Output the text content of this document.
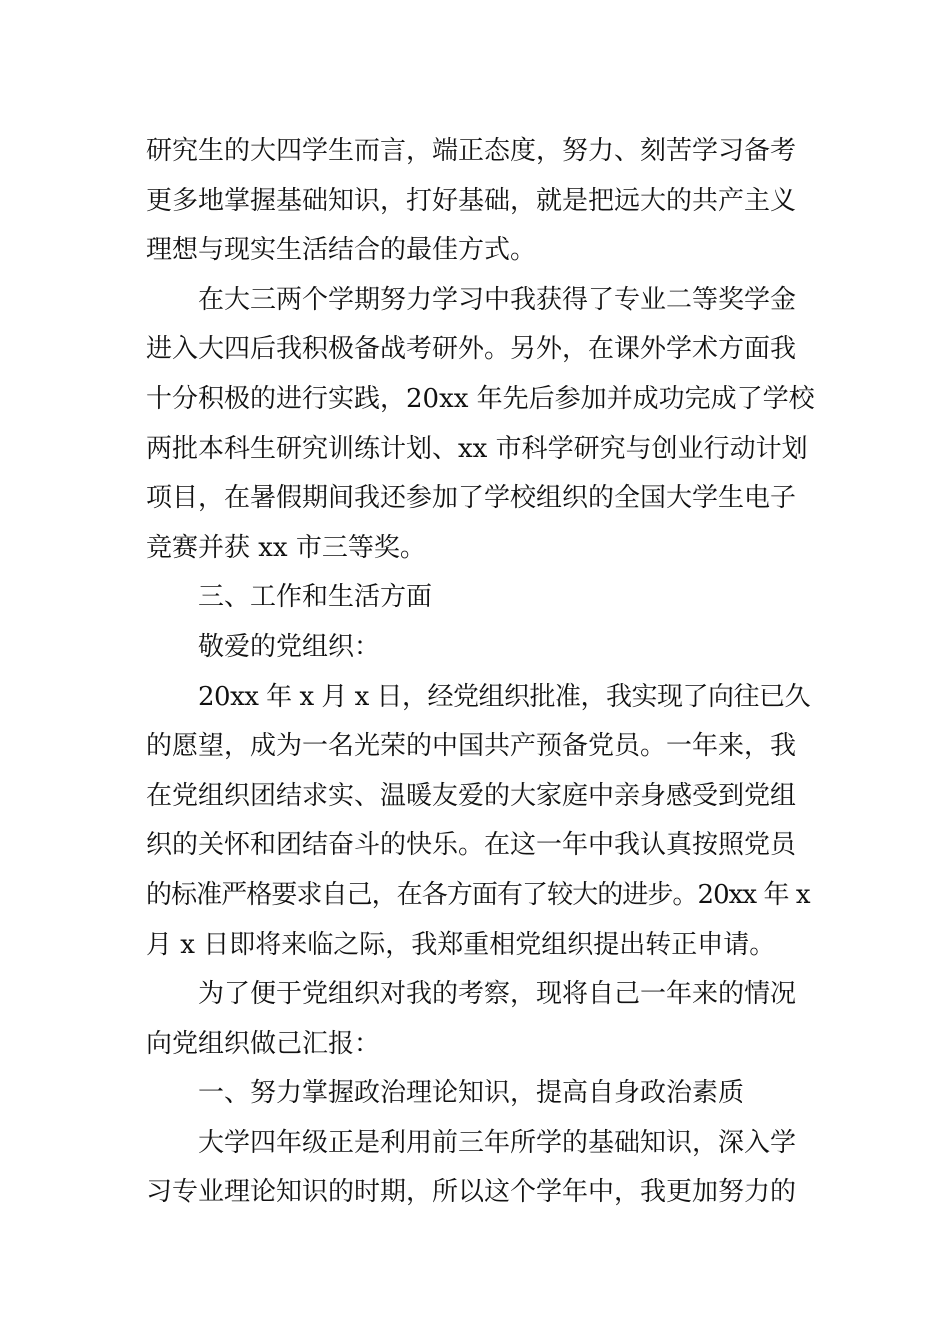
研究生的大四学生而言，端正态度，努力、刻苦学习备考
更多地掌握基础知识，打好基础，就是把远大的共产主义
理想与现实生活结合的最佳方式。
在大三两个学期努力学习中我获得了专业二等奖学金
进入大四后我积极备战考研外。另外，在课外学术方面我
十分积极的进行实践，20xx 年先后参加并成功完成了学校
两批本科生研究训练计划、xx 市科学研究与创业行动计划
项目，在暑假期间我还参加了学校组织的全国大学生电子
竞赛并获 xx 市三等奖。
三、工作和生活方面
敬爱的党组织：
20xx 年 x 月 x 日，经党组织批准，我实现了向往已久
的愿望，成为一名光荣的中国共产预备党员。一年来，我
在党组织团结求实、温暖友爱的大家庭中亲身感受到党组
织的关怀和团结奋斗的快乐。在这一年中我认真按照党员
的标准严格要求自己，在各方面有了较大的进步。20xx 年 x
月 x 日即将来临之际，我郑重相党组织提出转正申请。
为了便于党组织对我的考察，现将自己一年来的情况
向党组织做己汇报：
一、努力掌握政治理论知识，提高自身政治素质
大学四年级正是利用前三年所学的基础知识，深入学
习专业理论知识的时期，所以这个学年中，我更加努力的
